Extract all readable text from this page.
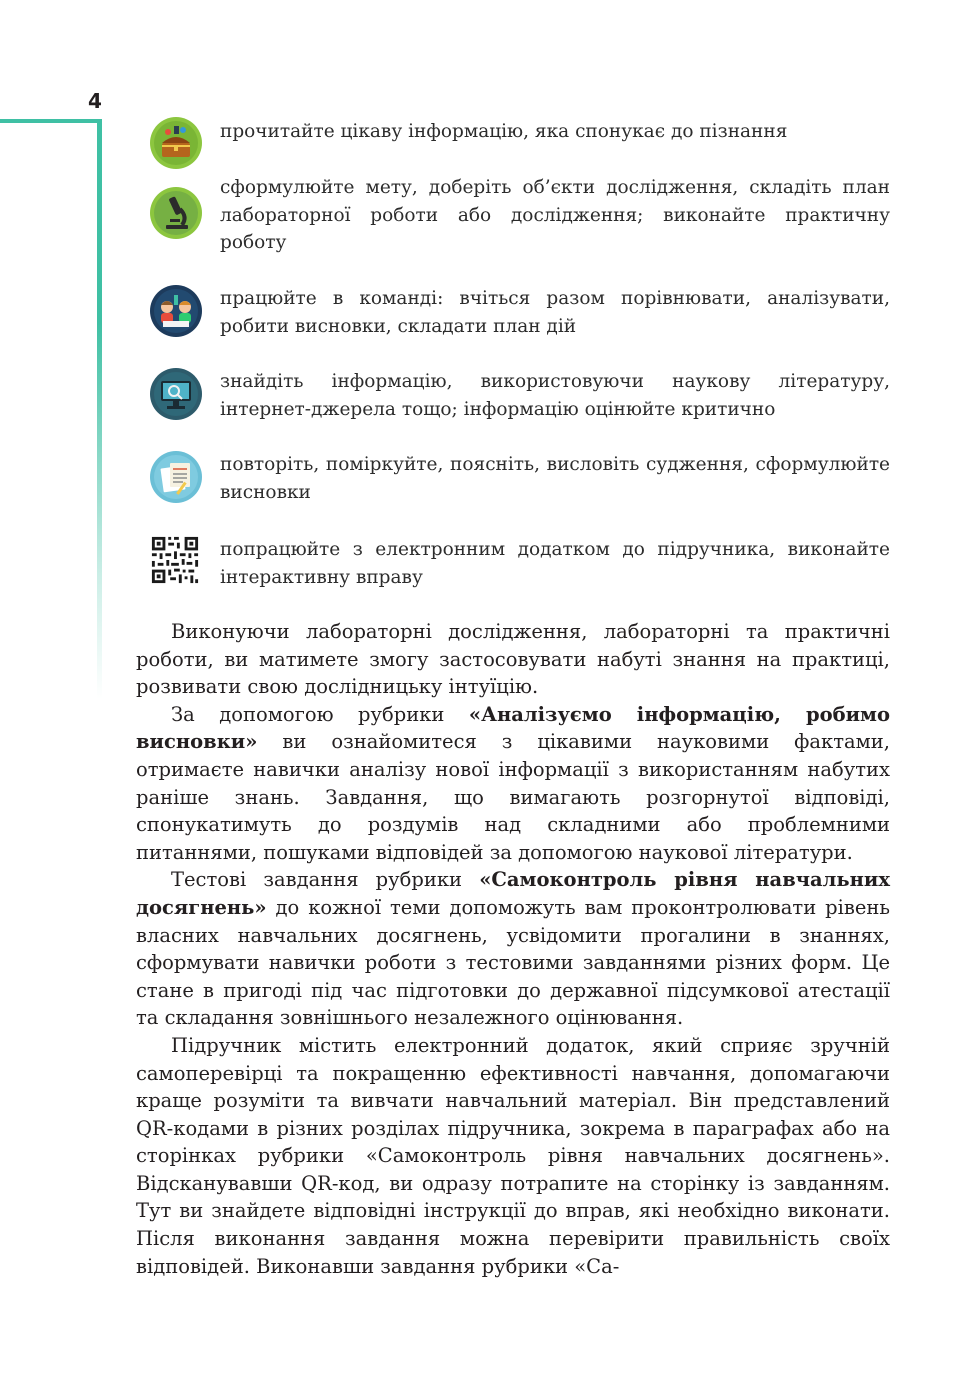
4
прочитайте цікаву інформацію, яка спонукає до пізнання
сформулюйте мету, доберіть об’єкти дослідження, складіть план лабораторної роботи або дослідження; виконайте практичну роботу
працюйте в команді: вчіться разом порівнювати, аналізувати, робити висновки, складати план дій
знайдіть інформацію, використовуючи наукову літературу, інтернет-джерела тощо; інформацію оцінюйте критично
повторіть, поміркуйте, поясніть, висловіть судження, сформулюйте висновки
попрацюйте з електронним додатком до підручника, виконайте інтерактивну вправу

Виконуючи лабораторні дослідження, лабораторні та практичні роботи, ви матимете змогу застосовувати набуті знання на практиці, розвивати свою дослідницьку інтуїцію.

За допомогою рубрики «Аналізуємо інформацію, робимо висновки» ви ознайомитеся з цікавими науковими фактами, отримаєте навички аналізу нової інформації з використанням набутих раніше знань. Завдання, що вимагають розгорнутої відповіді, спонукатимуть до роздумів над складними або проблемними питаннями, пошуками відповідей за допомогою наукової літератури.

Тестові завдання рубрики «Самоконтроль рівня навчальних досягнень» до кожної теми допоможуть вам проконтролювати рівень власних навчальних досягнень, усвідомити прогалини в знаннях, сформувати навички роботи з тестовими завданнями різних форм. Це стане в пригоді під час підготовки до державної підсумкової атестації та складання зовнішнього незалежного оцінювання.

Підручник містить електронний додаток, який сприяє зручній самоперевірці та покращенню ефективності навчання, допомагаючи краще розуміти та вивчати навчальний матеріал. Він представлений QR-кодами в різних розділах підручника, зокрема в параграфах або на сторінках рубрики «Самоконтроль рівня навчальних досягнень». Відсканувавши QR-код, ви одразу потрапите на сторінку із завданням. Тут ви знайдете відповідні інструкції до вправ, які необхідно виконати. Після виконання завдання можна перевірити правильність своїх відповідей. Виконавши завдання рубрики «Са-
